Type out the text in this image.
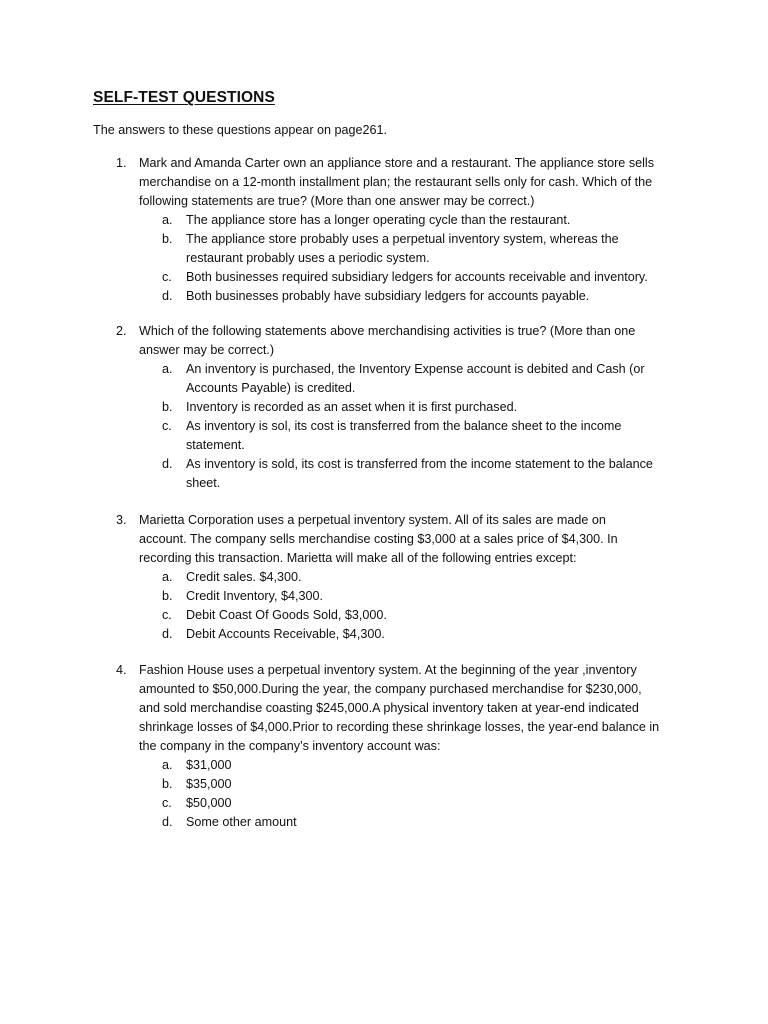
SELF-TEST QUESTIONS
The answers to these questions appear on page261.
1. Mark and Amanda Carter own an appliance store and a restaurant. The appliance store sells
merchandise on a 12-month installment plan; the restaurant sells only for cash. Which of the
following statements are true? (More than one answer may be correct.)
a. The appliance store has a longer operating cycle than the restaurant.
b. The appliance store probably uses a perpetual inventory system, whereas the
restaurant probably uses a periodic system.
c. Both businesses required subsidiary ledgers for accounts receivable and inventory.
d. Both businesses probably have subsidiary ledgers for accounts payable.
2. Which of the following statements above merchandising activities is true? (More than one
answer may be correct.)
a. An inventory is purchased, the Inventory Expense account is debited and Cash (or
Accounts Payable) is credited.
b. Inventory is recorded as an asset when it is first purchased.
c. As inventory is sol, its cost is transferred from the balance sheet to the income
statement.
d. As inventory is sold, its cost is transferred from the income statement to the balance
sheet.
3. Marietta Corporation uses a perpetual inventory system. All of its sales are made on
account. The company sells merchandise costing $3,000 at a sales price of $4,300. In
recording this transaction. Marietta will make all of the following entries except:
a. Credit sales. $4,300.
b. Credit Inventory, $4,300.
c. Debit Coast Of Goods Sold, $3,000.
d. Debit Accounts Receivable, $4,300.
4. Fashion House uses a perpetual inventory system. At the beginning of the year ,inventory
amounted to $50,000.During the year, the company purchased merchandise for $230,000,
and sold merchandise coasting $245,000.A physical inventory taken at year-end indicated
shrinkage losses of $4,000.Prior to recording these shrinkage losses, the year-end balance in
the company in the company’s inventory account was:
a. $31,000
b. $35,000
c. $50,000
d. Some other amount
